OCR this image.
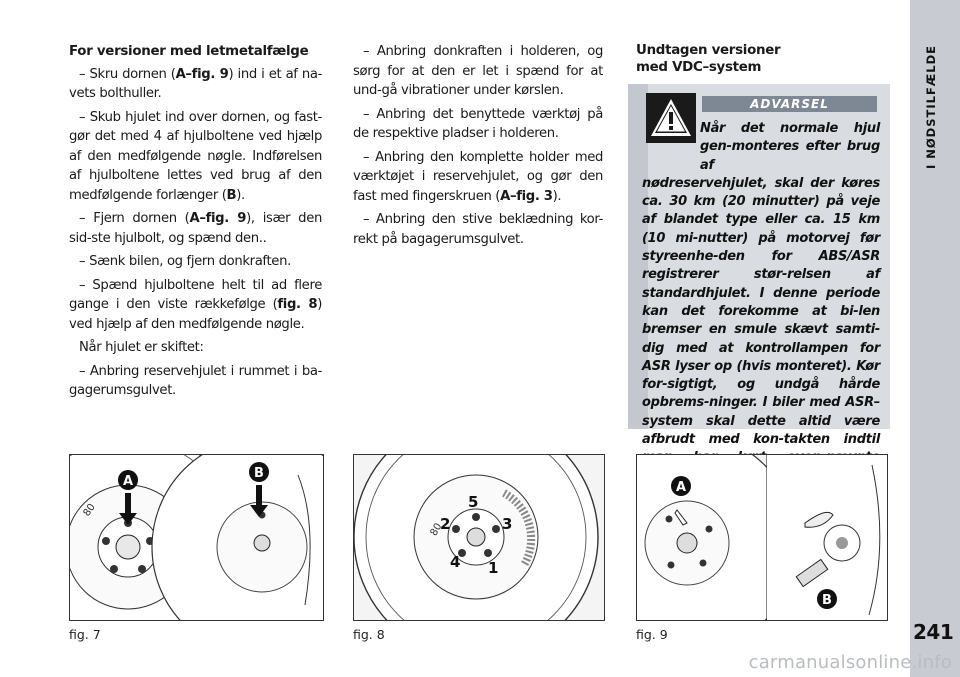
For versioner med letmetalfælge

– Skru dornen (A–fig. 9) ind i et af na-vets bolthuller.

– Skub hjulet ind over dornen, og fast-gør det med 4 af hjulboltene ved hjælp af den medfølgende nøgle. Indførelsen af hjulboltene lettes ved brug af den medfølgende forlænger (B).

– Fjern dornen (A–fig. 9), især den sid-ste hjulbolt, og spænd den..

– Sænk bilen, og fjern donkraften.

– Spænd hjulboltene helt til ad flere gange i den viste rækkefølge (fig. 8) ved hjælp af den medfølgende nøgle.

Når hjulet er skiftet:

– Anbring reservehjulet i rummet i ba-gagerumsgulvet.

– Anbring donkraften i holderen, og sørg for at den er let i spænd for at und-gå vibrationer under kørslen.

– Anbring det benyttede værktøj på de respektive pladser i holderen.

– Anbring den komplette holder med værktøjet i reservehjulet, og gør den fast med fingerskruen (A–fig. 3).

– Anbring den stive beklædning kor-rekt på bagagerumsgulvet.

Undtagen versioner
med VDC–system
ADVARSEL
Når det normale hjul gen-monteres efter brug af
nødreservehjulet, skal der køres ca. 30 km (20 minutter) på veje af blandet type eller ca. 15 km (10 mi-nutter) på motorvej før styreenhe-den for ABS/ASR registrerer stør-relsen af standardhjulet. I denne periode kan det forekomme at bi-len bremser en smule skævt samti-dig med at kontrollampen for ASR lyser op (hvis monteret). Kør for-sigtigt, og undgå hårde opbrems-ninger. I biler med ASR–system skal dette altid være afbrudt med kon-takten indtil
80
A
B
fig. 7
80
5
3
1
4
2
fig. 8
A
B
fig. 9
I NØDSTILFÆLDE
241
carmanualsonline.info
